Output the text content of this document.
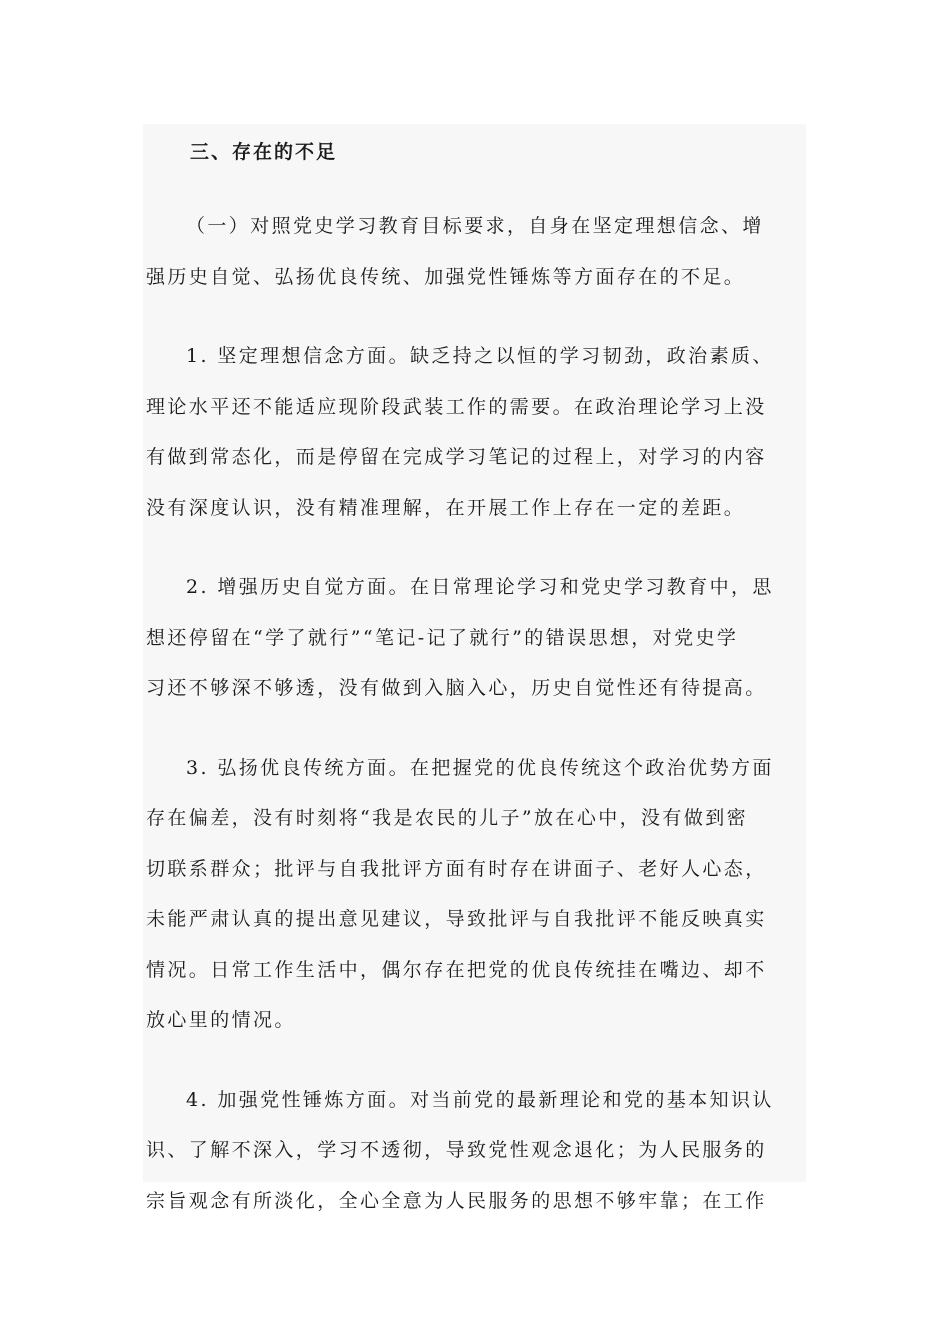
三、存在的不足
（一）对照党史学习教育目标要求，自身在坚定理想信念、增
强历史自觉、弘扬优良传统、加强党性锤炼等方面存在的不足。
1. 坚定理想信念方面。缺乏持之以恒的学习韧劲，政治素质、
理论水平还不能适应现阶段武装工作的需要。在政治理论学习上没
有做到常态化，而是停留在完成学习笔记的过程上，对学习的内容
没有深度认识，没有精准理解，在开展工作上存在一定的差距。
2. 增强历史自觉方面。在日常理论学习和党史学习教育中，思
想还停留在“学了就行”“笔记-记了就行”的错误思想，对党史学
习还不够深不够透，没有做到入脑入心，历史自觉性还有待提高。
3. 弘扬优良传统方面。在把握党的优良传统这个政治优势方面
存在偏差，没有时刻将“我是农民的儿子”放在心中，没有做到密
切联系群众；批评与自我批评方面有时存在讲面子、老好人心态，
未能严肃认真的提出意见建议，导致批评与自我批评不能反映真实
情况。日常工作生活中，偶尔存在把党的优良传统挂在嘴边、却不
放心里的情况。
4. 加强党性锤炼方面。对当前党的最新理论和党的基本知识认
识、了解不深入，学习不透彻，导致党性观念退化；为人民服务的
宗旨观念有所淡化，全心全意为人民服务的思想不够牢靠；在工作
